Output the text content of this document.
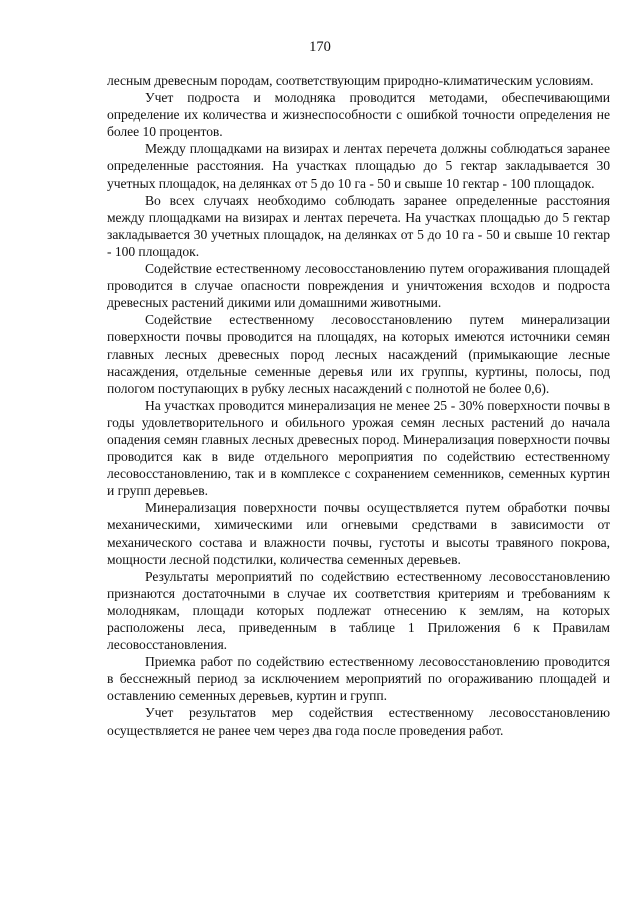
170

лесным древесным породам, соответствующим природно-климатическим условиям.

Учет подроста и молодняка проводится методами, обеспечивающими определение их количества и жизнеспособности с ошибкой точности определения не более 10 процентов.

Между площадками на визирах и лентах перечета должны соблюдаться заранее определенные расстояния. На участках площадью до 5 гектар закладывается 30 учетных площадок, на делянках от 5 до 10 га - 50 и свыше 10 гектар - 100 площадок.

Во всех случаях необходимо соблюдать заранее определенные расстояния между площадками на визирах и лентах перечета. На участках площадью до 5 гектар закладывается 30 учетных площадок, на делянках от 5 до 10 га - 50 и свыше 10 гектар - 100 площадок.

Содействие естественному лесовосстановлению путем огораживания площадей проводится в случае опасности повреждения и уничтожения всходов и подроста древесных растений дикими или домашними животными.

Содействие естественному лесовосстановлению путем минерализации поверхности почвы проводится на площадях, на которых имеются источники семян главных лесных древесных пород лесных насаждений (примыкающие лесные насаждения, отдельные семенные деревья или их группы, куртины, полосы, под пологом поступающих в рубку лесных насаждений с полнотой не более 0,6).

На участках проводится минерализация не менее 25 - 30% поверхности почвы в годы удовлетворительного и обильного урожая семян лесных растений до начала опадения семян главных лесных древесных пород. Минерализация поверхности почвы проводится как в виде отдельного мероприятия по содействию естественному лесовосстановлению, так и в комплексе с сохранением семенников, семенных куртин и групп деревьев.

Минерализация поверхности почвы осуществляется путем обработки почвы механическими, химическими или огневыми средствами в зависимости от механического состава и влажности почвы, густоты и высоты травяного покрова, мощности лесной подстилки, количества семенных деревьев.

Результаты мероприятий по содействию естественному лесовосстановлению признаются достаточными в случае их соответствия критериям и требованиям к молоднякам, площади которых подлежат отнесению к землям, на которых расположены леса, приведенным в таблице 1 Приложения 6 к Правилам лесовосстановления.

Приемка работ по содействию естественному лесовосстановлению проводится в бесснежный период за исключением мероприятий по огораживанию площадей и оставлению семенных деревьев, куртин и групп.

Учет результатов мер содействия естественному лесовосстановлению осуществляется не ранее чем через два года после проведения работ.
